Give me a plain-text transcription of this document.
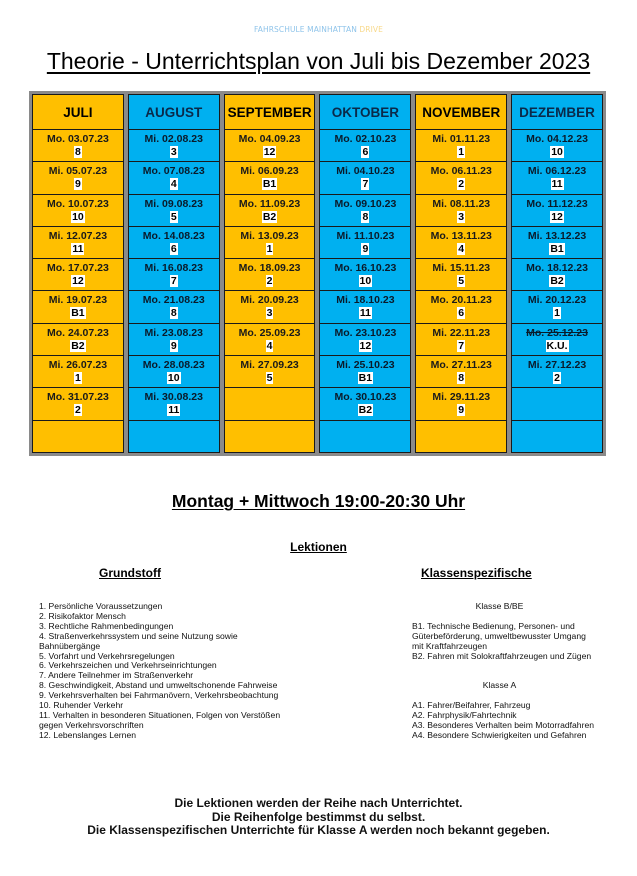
FAHRSCHULE MAINHATTAN DRIVE
Theorie - Unterrichtsplan von Juli bis Dezember 2023
JULI
Mo. 03.07.23
8
Mi. 05.07.23
9
Mo. 10.07.23
10
Mi. 12.07.23
11
Mo. 17.07.23
12
Mi. 19.07.23
B1
Mo. 24.07.23
B2
Mi. 26.07.23
1
Mo. 31.07.23
2
AUGUST
Mi. 02.08.23
3
Mo. 07.08.23
4
Mi. 09.08.23
5
Mo. 14.08.23
6
Mi. 16.08.23
7
Mo. 21.08.23
8
Mi. 23.08.23
9
Mo. 28.08.23
10
Mi. 30.08.23
11
SEPTEMBER
Mo. 04.09.23
12
Mi. 06.09.23
B1
Mo. 11.09.23
B2
Mi. 13.09.23
1
Mo. 18.09.23
2
Mi. 20.09.23
3
Mo. 25.09.23
4
Mi. 27.09.23
5
OKTOBER
Mo. 02.10.23
6
Mi. 04.10.23
7
Mo. 09.10.23
8
Mi. 11.10.23
9
Mo. 16.10.23
10
Mi. 18.10.23
11
Mo. 23.10.23
12
Mi. 25.10.23
B1
Mo. 30.10.23
B2
NOVEMBER
Mi. 01.11.23
1
Mo. 06.11.23
2
Mi. 08.11.23
3
Mo. 13.11.23
4
Mi. 15.11.23
5
Mo. 20.11.23
6
Mi. 22.11.23
7
Mo. 27.11.23
8
Mi. 29.11.23
9
DEZEMBER
Mo. 04.12.23
10
Mi. 06.12.23
11
Mo. 11.12.23
12
Mi. 13.12.23
B1
Mo. 18.12.23
B2
Mi. 20.12.23
1
Mo. 25.12.23
K.U.
Mi. 27.12.23
2
Montag + Mittwoch 19:00-20:30 Uhr
Lektionen
Grundstoff	Klassenspezifische
1. Persönliche Voraussetzungen
2. Risikofaktor Mensch
3. Rechtliche Rahmenbedingungen
4. Straßenverkehrssystem und seine Nutzung sowie Bahnübergänge
5. Vorfahrt und Verkehrsregelungen
6. Verkehrszeichen und Verkehrseinrichtungen
7. Andere Teilnehmer im Straßenverkehr
8. Geschwindigkeit, Abstand und umweltschonende Fahrweise
9. Verkehrsverhalten bei Fahrmanövern, Verkehrsbeobachtung
10. Ruhender Verkehr
11. Verhalten in besonderen Situationen, Folgen von Verstößen gegen Verkehrsvorschriften
12. Lebenslanges Lernen
Klasse B/BE
B1. Technische Bedienung, Personen- und Güterbeförderung, umweltbewusster Umgang mit Kraftfahrzeugen
B2. Fahren mit Solokraftfahrzeugen und Zügen
Klasse A
A1. Fahrer/Beifahrer, Fahrzeug
A2. Fahrphysik/Fahrtechnik
A3. Besonderes Verhalten beim Motorradfahren
A4. Besondere Schwierigkeiten und Gefahren
Die Lektionen werden der Reihe nach Unterrichtet.
Die Reihenfolge bestimmst du selbst.
Die Klassenspezifischen Unterrichte für Klasse A werden noch bekannt gegeben.
